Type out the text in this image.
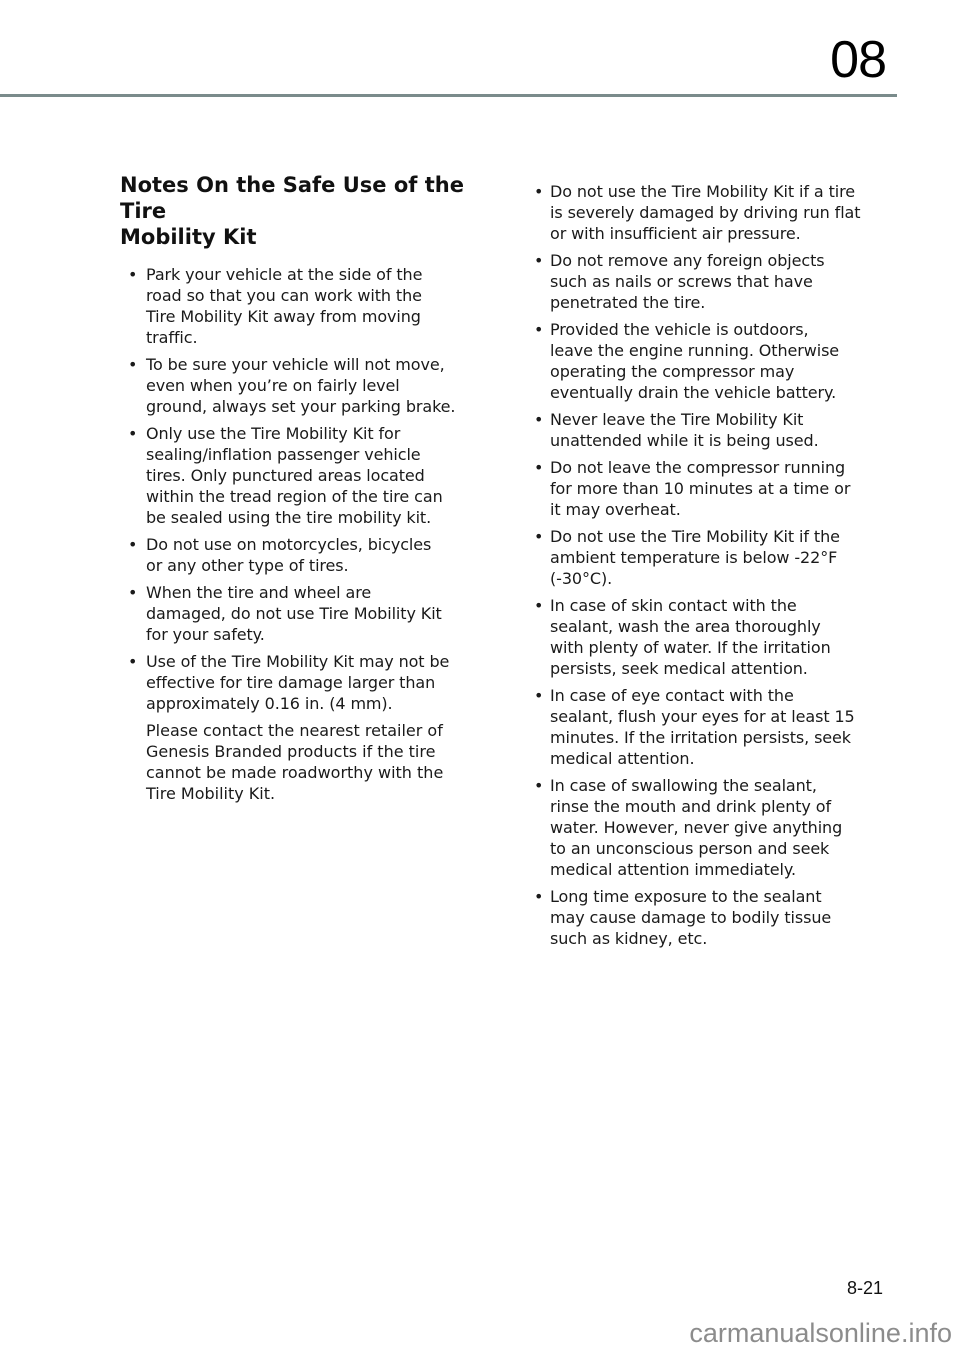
08
Notes On the Safe Use of the Tire
Mobility Kit
• Park your vehicle at the side of the
road so that you can work with the
Tire Mobility Kit away from moving
traffic.
• To be sure your vehicle will not move,
even when you’re on fairly level
ground, always set your parking brake.
• Only use the Tire Mobility Kit for
sealing/inflation passenger vehicle
tires. Only punctured areas located
within the tread region of the tire can
be sealed using the tire mobility kit.
• Do not use on motorcycles, bicycles
or any other type of tires.
• When the tire and wheel are
damaged, do not use Tire Mobility Kit
for your safety.
• Use of the Tire Mobility Kit may not be
effective for tire damage larger than
approximately 0.16 in. (4 mm).
Please contact the nearest retailer of
Genesis Branded products if the tire
cannot be made roadworthy with the
Tire Mobility Kit.
• Do not use the Tire Mobility Kit if a tire
is severely damaged by driving run flat
or with insufficient air pressure.
• Do not remove any foreign objects
such as nails or screws that have
penetrated the tire.
• Provided the vehicle is outdoors,
leave the engine running. Otherwise
operating the compressor may
eventually drain the vehicle battery.
• Never leave the Tire Mobility Kit
unattended while it is being used.
• Do not leave the compressor running
for more than 10 minutes at a time or
it may overheat.
• Do not use the Tire Mobility Kit if the
ambient temperature is below -22°F
(-30°C).
• In case of skin contact with the
sealant, wash the area thoroughly
with plenty of water. If the irritation
persists, seek medical attention.
• In case of eye contact with the
sealant, flush your eyes for at least 15
minutes. If the irritation persists, seek
medical attention.
• In case of swallowing the sealant,
rinse the mouth and drink plenty of
water. However, never give anything
to an unconscious person and seek
medical attention immediately.
• Long time exposure to the sealant
may cause damage to bodily tissue
such as kidney, etc.
8-21
carmanualsonline.info
